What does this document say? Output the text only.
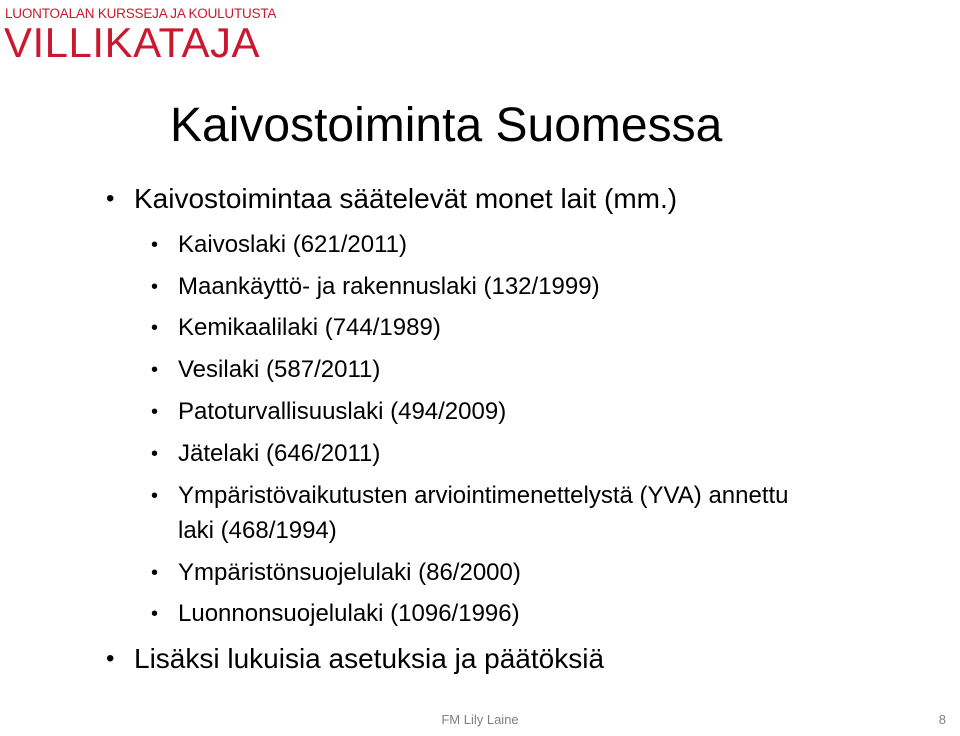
LUONTOALAN KURSSEJA JA KOULUTUSTA
VILLIKATAJA
Kaivostoiminta Suomessa
• Kaivostoimintaa säätelevät monet lait (mm.)
• Kaivoslaki (621/2011)
• Maankäyttö- ja rakennuslaki (132/1999)
• Kemikaalilaki (744/1989)
• Vesilaki (587/2011)
• Patoturvallisuuslaki (494/2009)
• Jätelaki (646/2011)
• Ympäristövaikutusten arviointimenettelystä (YVA) annettu
laki (468/1994)
• Ympäristönsuojelulaki (86/2000)
• Luonnonsuojelulaki (1096/1996)
• Lisäksi lukuisia asetuksia ja päätöksiä
FM Lily Laine	8
